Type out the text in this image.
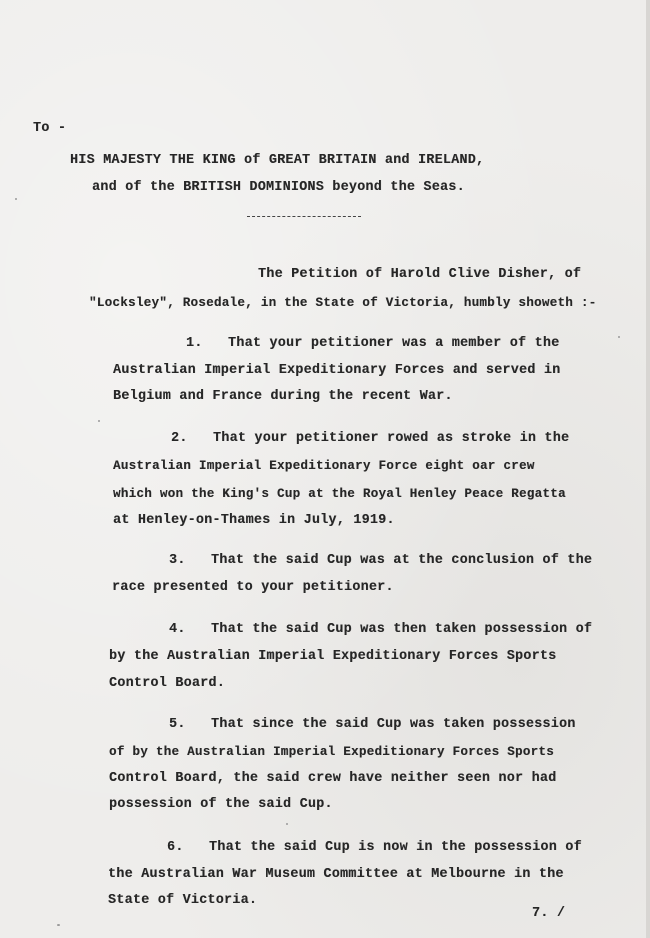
To -
HIS MAJESTY THE KING of GREAT BRITAIN and IRELAND,
and of the BRITISH DOMINIONS beyond the Seas.
The Petition of Harold Clive Disher, of
"Locksley", Rosedale, in the State of Victoria, humbly showeth :-
1. That your petitioner was a member of the
Australian Imperial Expeditionary Forces and served in
Belgium and France during the recent War.
2. That your petitioner rowed as stroke in the
Australian Imperial Expeditionary Force eight oar crew
which won the King's Cup at the Royal Henley Peace Regatta
at Henley-on-Thames in July, 1919.
3. That the said Cup was at the conclusion of the
race presented to your petitioner.
4. That the said Cup was then taken possession of
by the Australian Imperial Expeditionary Forces Sports
Control Board.
5. That since the said Cup was taken possession
of by the Australian Imperial Expeditionary Forces Sports
Control Board, the said crew have neither seen nor had
possession of the said Cup.
6. That the said Cup is now in the possession of
the Australian War Museum Committee at Melbourne in the
State of Victoria.
7. /
